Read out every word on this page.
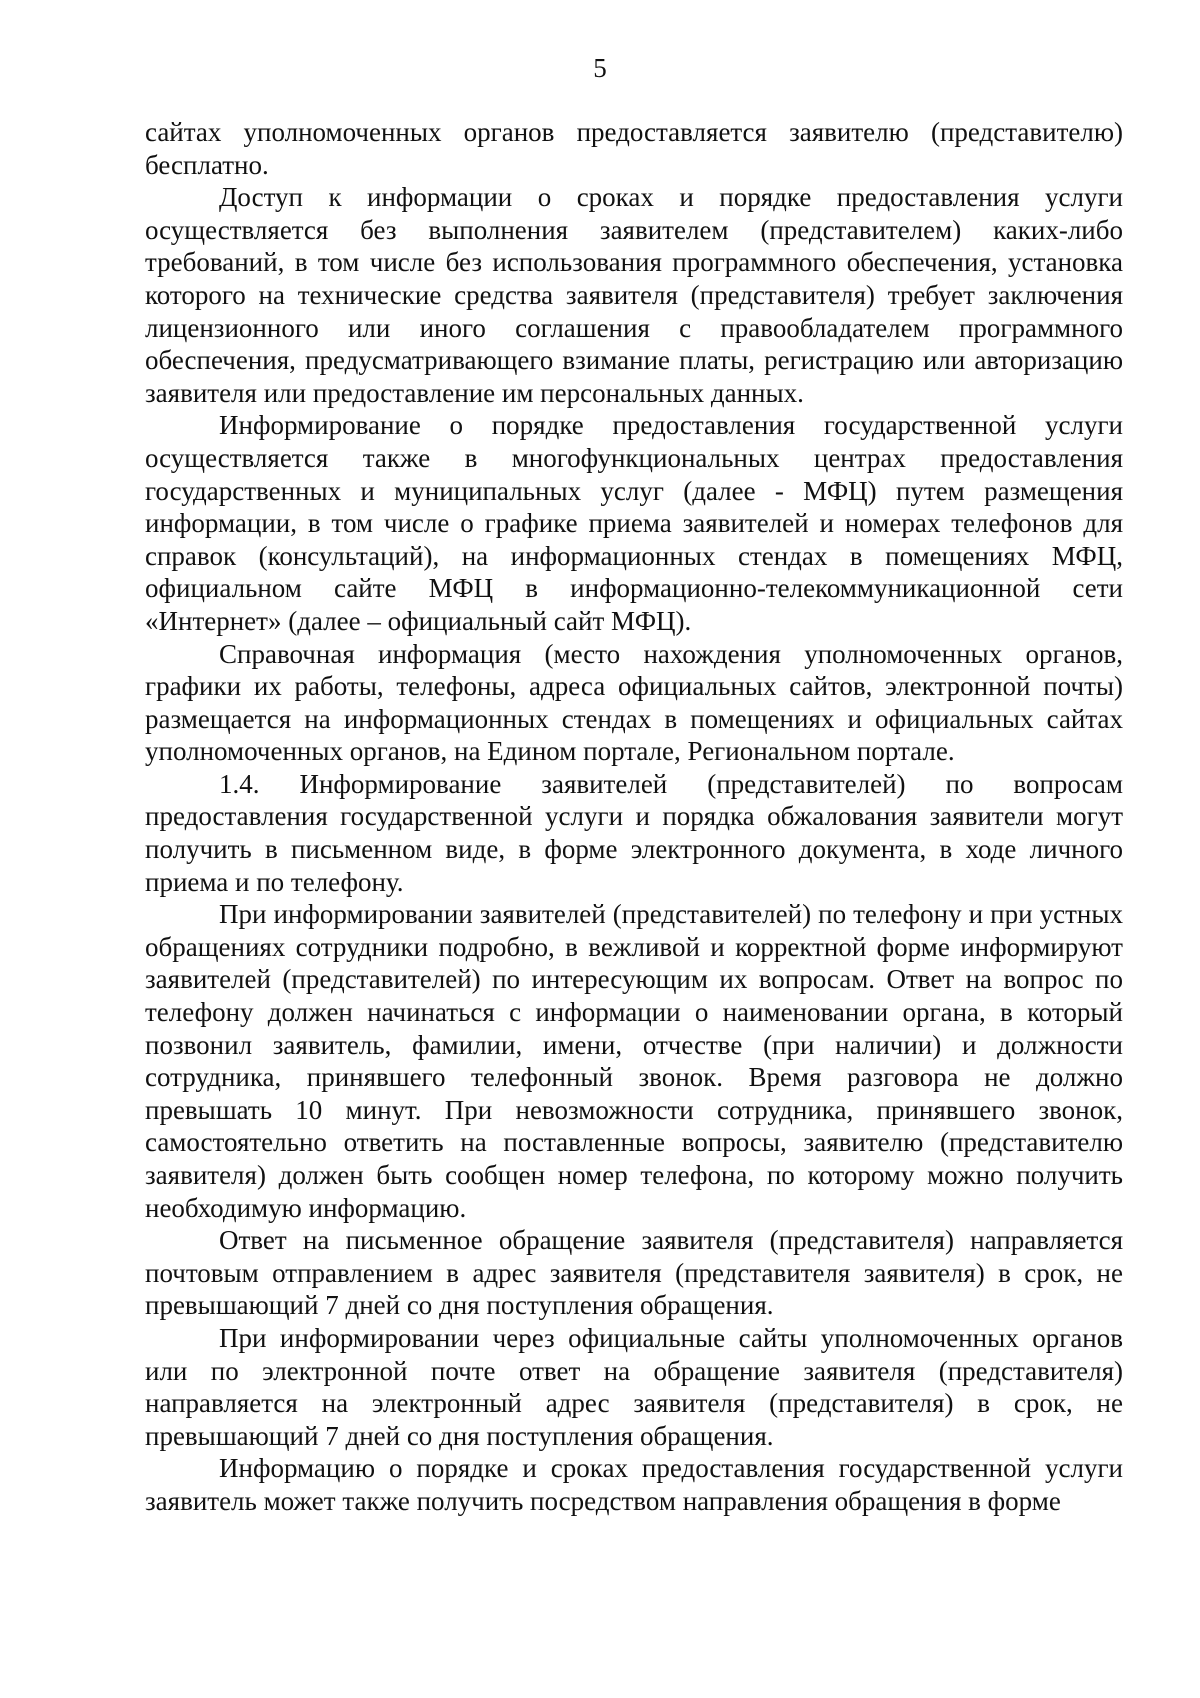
5

сайтах уполномоченных органов предоставляется заявителю (представителю) бесплатно.

Доступ к информации о сроках и порядке предоставления услуги осуществляется без выполнения заявителем (представителем) каких-либо требований, в том числе без использования программного обеспечения, установка которого на технические средства заявителя (представителя) требует заключения лицензионного или иного соглашения с правообладателем программного обеспечения, предусматривающего взимание платы, регистрацию или авторизацию заявителя или предоставление им персональных данных.

Информирование о порядке предоставления государственной услуги осуществляется также в многофункциональных центрах предоставления государственных и муниципальных услуг (далее - МФЦ) путем размещения информации, в том числе о графике приема заявителей и номерах телефонов для справок (консультаций), на информационных стендах в помещениях МФЦ, официальном сайте МФЦ в информационно-телекоммуникационной сети «Интернет» (далее – официальный сайт МФЦ).

Справочная информация (место нахождения уполномоченных органов, графики их работы, телефоны, адреса официальных сайтов, электронной почты) размещается на информационных стендах в помещениях и официальных сайтах уполномоченных органов, на Едином портале, Региональном портале.

1.4. Информирование заявителей (представителей) по вопросам предоставления государственной услуги и порядка обжалования заявители могут получить в письменном виде, в форме электронного документа, в ходе личного приема и по телефону.

При информировании заявителей (представителей) по телефону и при устных обращениях сотрудники подробно, в вежливой и корректной форме информируют заявителей (представителей) по интересующим их вопросам. Ответ на вопрос по телефону должен начинаться с информации о наименовании органа, в который позвонил заявитель, фамилии, имени, отчестве (при наличии) и должности сотрудника, принявшего телефонный звонок. Время разговора не должно превышать 10 минут. При невозможности сотрудника, принявшего звонок, самостоятельно ответить на поставленные вопросы, заявителю (представителю заявителя) должен быть сообщен номер телефона, по которому можно получить необходимую информацию.

Ответ на письменное обращение заявителя (представителя) направляется почтовым отправлением в адрес заявителя (представителя заявителя) в срок, не превышающий 7 дней со дня поступления обращения.

При информировании через официальные сайты уполномоченных органов или по электронной почте ответ на обращение заявителя (представителя) направляется на электронный адрес заявителя (представителя) в срок, не превышающий 7 дней со дня поступления обращения.

Информацию о порядке и сроках предоставления государственной услуги заявитель может также получить посредством направления обращения в форме
